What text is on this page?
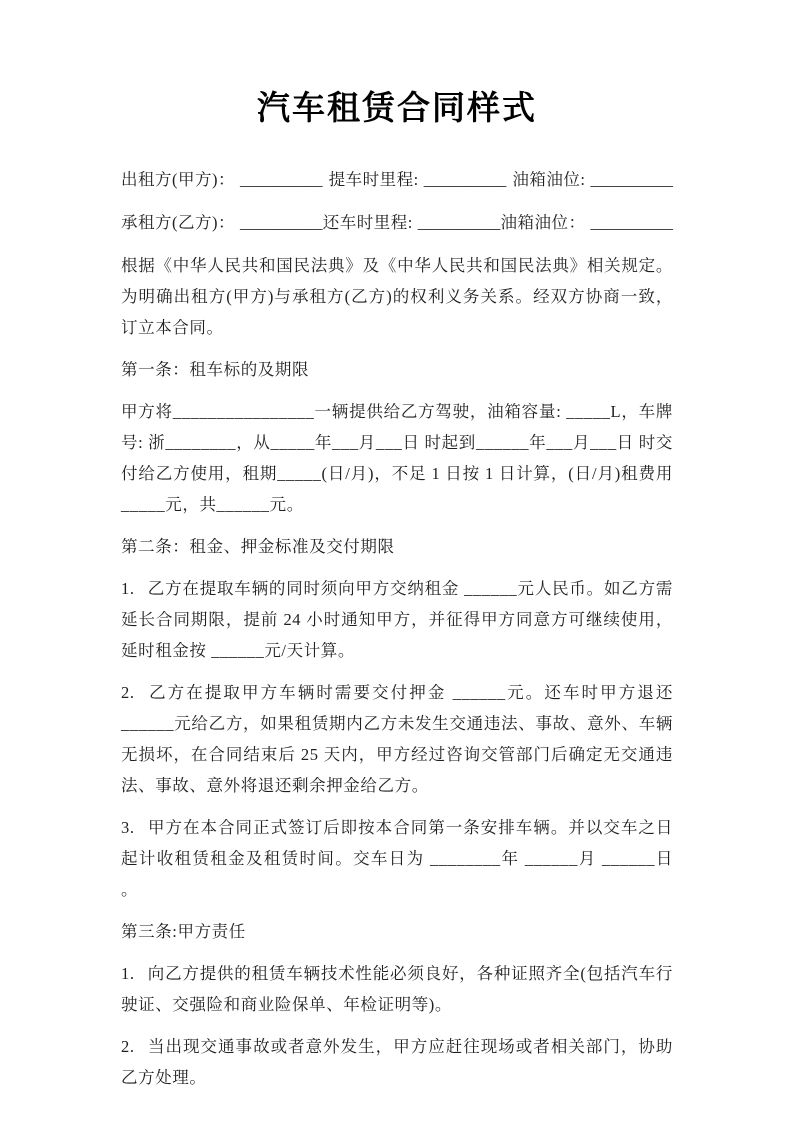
汽车租赁合同样式
出租方(甲方)： __________ 提车时里程: __________ 油箱油位: __________
承租方(乙方)： __________ 还车时里程: __________ 油箱油位： __________

根据《中华人民共和国民法典》及《中华人民共和国民法典》相关规定。为明确出租方(甲方)与承租方(乙方)的权利义务关系。经双方协商一致，订立本合同。

第一条：租车标的及期限

甲方将________________一辆提供给乙方驾驶，油箱容量: _____L，车牌号: 浙________，从_____年___月___日 时起到______年___月___日 时交付给乙方使用，租期_____(日/月)，不足 1 日按 1 日计算，(日/月)租费用_____元，共______元。

第二条：租金、押金标准及交付期限

1. 乙方在提取车辆的同时须向甲方交纳租金 ______元人民币。如乙方需延长合同期限，提前 24 小时通知甲方，并征得甲方同意方可继续使用，延时租金按 ______元/天计算。

2. 乙方在提取甲方车辆时需要交付押金 ______元。还车时甲方退还 ______元给乙方，如果租赁期内乙方未发生交通违法、事故、意外、车辆无损坏，在合同结束后 25 天内，甲方经过咨询交管部门后确定无交通违法、事故、意外将退还剩余押金给乙方。

3. 甲方在本合同正式签订后即按本合同第一条安排车辆。并以交车之日起计收租赁租金及租赁时间。交车日为 ________年 ______月 ______日 。

第三条:甲方责任

1. 向乙方提供的租赁车辆技术性能必须良好，各种证照齐全(包括汽车行驶证、交强险和商业险保单、年检证明等)。

2. 当出现交通事故或者意外发生，甲方应赶往现场或者相关部门，协助乙方处理。
